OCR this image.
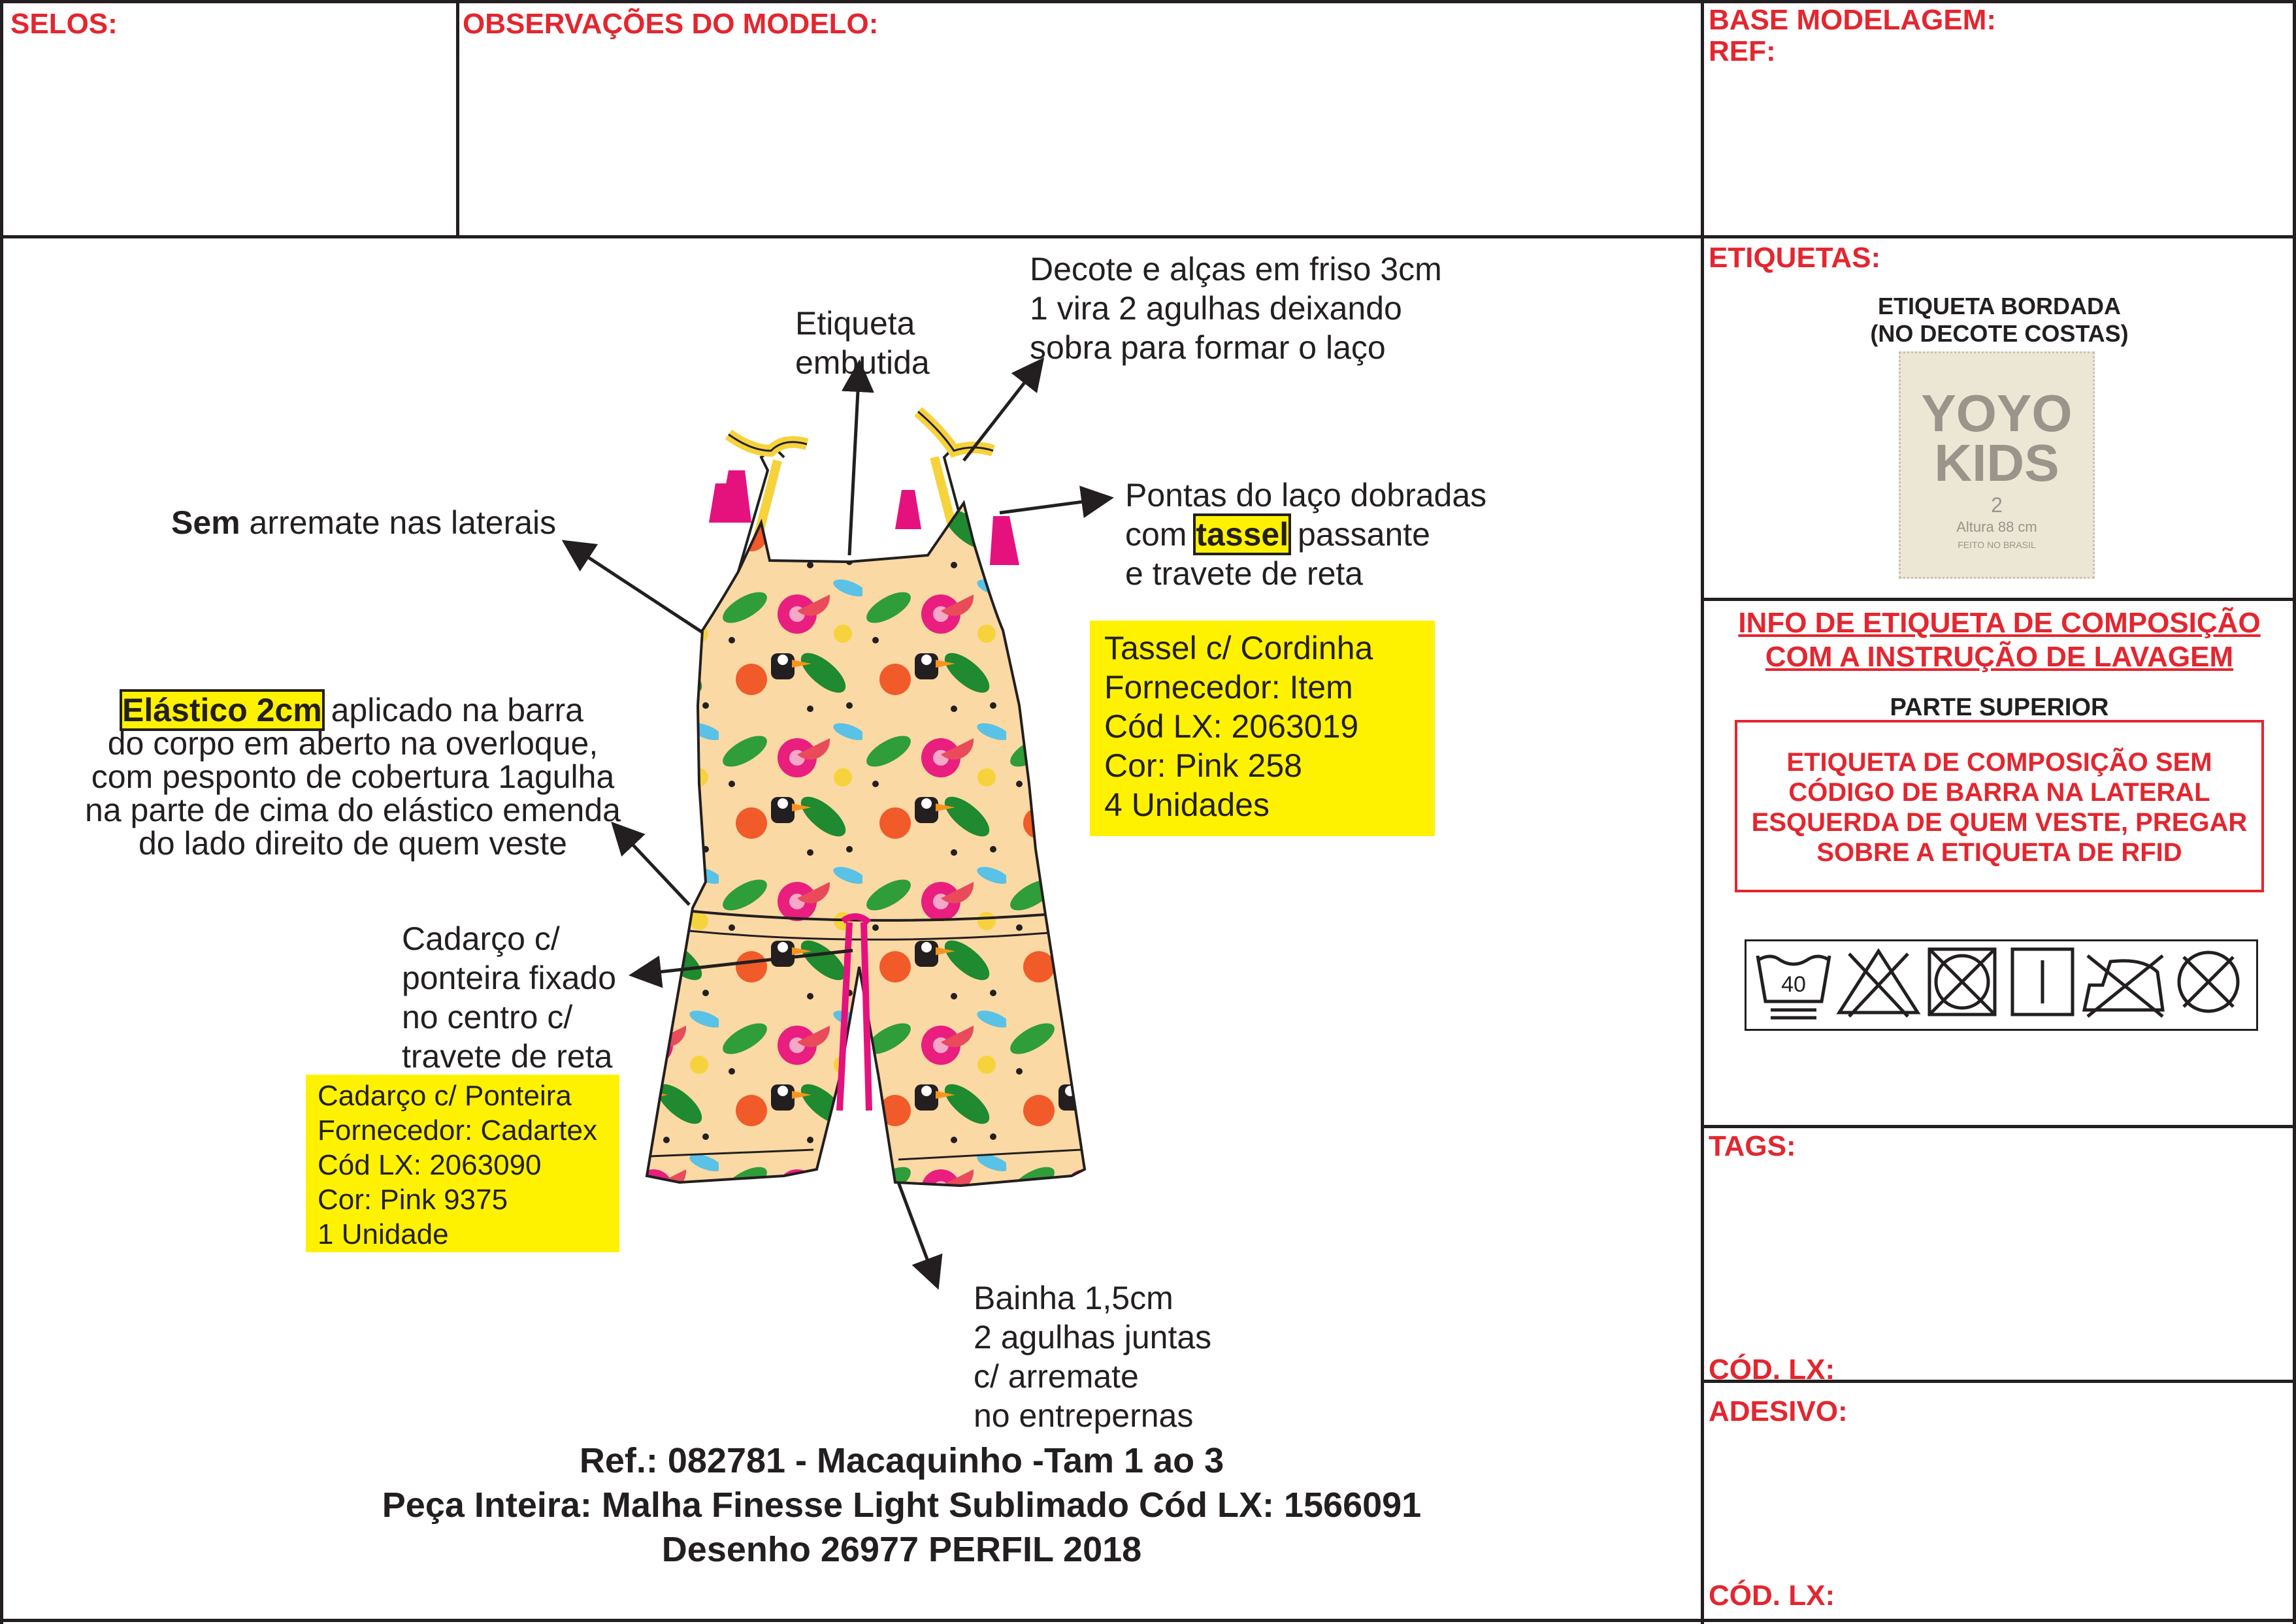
SELOS:	OBSERVAÇÕES DO MODELO:	BASE MODELAGEM:
REF:
Etiqueta
embutida
Decote e alças em friso 3cm
1 vira 2 agulhas deixando
sobra para formar o laço
Sem arremate nas laterais
Pontas do laço dobradas
com tassel passante
e travete de reta
Elástico 2cm aplicado na barra
do corpo em aberto na overloque,
com pesponto de cobertura 1agulha
na parte de cima do elástico emenda
do lado direito de quem veste
Cadarço c/
ponteira fixado
no centro c/
travete de reta
Bainha 1,5cm
2 agulhas juntas
c/ arremate
no entrepernas
Tassel c/ Cordinha
Fornecedor: Item
Cód LX: 2063019
Cor: Pink 258
4 Unidades
Cadarço c/ Ponteira
Fornecedor: Cadartex
Cód LX: 2063090
Cor: Pink 9375
1 Unidade
Ref.: 082781 - Macaquinho -Tam 1 ao 3
Peça Inteira: Malha Finesse Light Sublimado Cód LX: 1566091
Desenho 26977 PERFIL 2018
ETIQUETAS:
ETIQUETA BORDADA
(NO DECOTE COSTAS)
YOYO
KIDS
2
Altura 88 cm
FEITO NO BRASIL
INFO DE ETIQUETA DE COMPOSIÇÃO
COM A INSTRUÇÃO DE LAVAGEM
PARTE SUPERIOR
ETIQUETA DE COMPOSIÇÃO SEM
CÓDIGO DE BARRA NA LATERAL
ESQUERDA DE QUEM VESTE, PREGAR
SOBRE A ETIQUETA DE RFID
40
TAGS:
CÓD. LX:
ADESIVO:
CÓD. LX:
